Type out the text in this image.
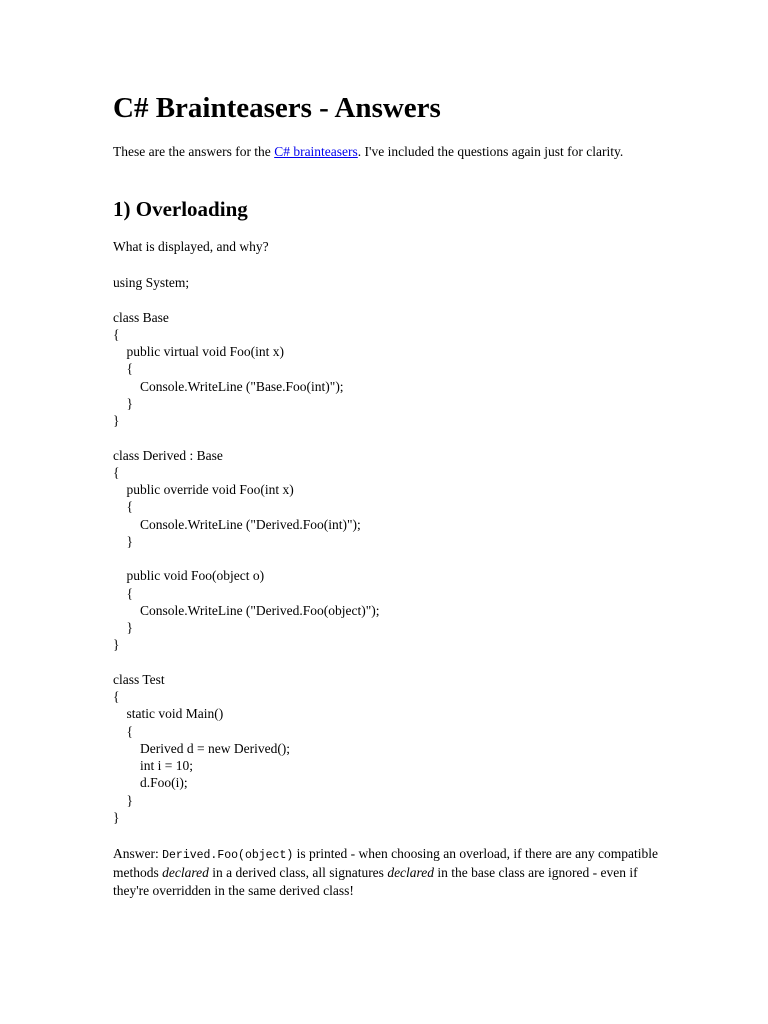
C# Brainteasers - Answers

These are the answers for the C# brainteasers. I've included the questions again just for clarity.

1) Overloading

What is displayed, and why?

using System;
class Base
{
public virtual void Foo(int x)
{
Console.WriteLine ("Base.Foo(int)");
}
}
class Derived : Base
{
public override void Foo(int x)
{
Console.WriteLine ("Derived.Foo(int)");
}
public void Foo(object o)
{
Console.WriteLine ("Derived.Foo(object)");
}
}
class Test
{
static void Main()
{
Derived d = new Derived();
int i = 10;
d.Foo(i);
}
}

Answer: Derived.Foo(object) is printed - when choosing an overload, if there are any compatible methods declared in a derived class, all signatures declared in the base class are ignored - even if they're overridden in the same derived class!
